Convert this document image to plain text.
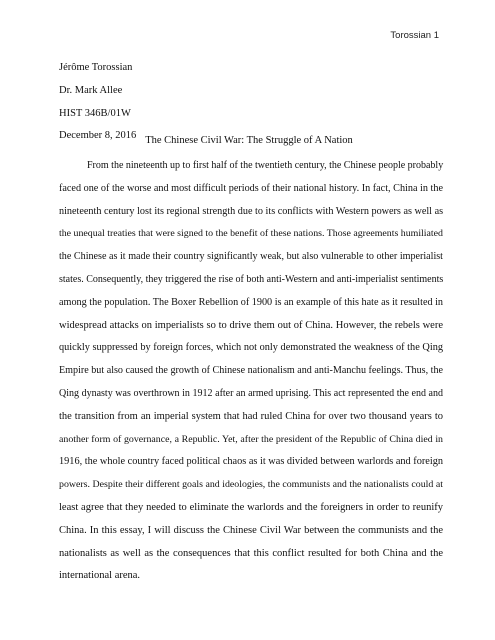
Torossian 1
Jérôme Torossian
Dr. Mark Allee
HIST 346B/01W
December 8, 2016 The Chinese Civil War: The Struggle of A Nation
From the nineteenth up to first half of the twentieth century, the Chinese people probably
faced one of the worse and most difficult periods of their national history. In fact, China in the
nineteenth century lost its regional strength due to its conflicts with Western powers as well as
the unequal treaties that were signed to the benefit of these nations. Those agreements humiliated
the Chinese as it made their country significantly weak, but also vulnerable to other imperialist
states. Consequently, they triggered the rise of both anti-Western and anti-imperialist sentiments
among the population. The Boxer Rebellion of 1900 is an example of this hate as it resulted in
widespread attacks on imperialists so to drive them out of China. However, the rebels were
quickly suppressed by foreign forces, which not only demonstrated the weakness of the Qing
Empire but also caused the growth of Chinese nationalism and anti-Manchu feelings. Thus, the
Qing dynasty was overthrown in 1912 after an armed uprising. This act represented the end and
the transition from an imperial system that had ruled China for over two thousand years to
another form of governance, a Republic. Yet, after the president of the Republic of China died in
1916, the whole country faced political chaos as it was divided between warlords and foreign
powers. Despite their different goals and ideologies, the communists and the nationalists could at
least agree that they needed to eliminate the warlords and the foreigners in order to reunify
China. In this essay, I will discuss the Chinese Civil War between the communists and the
nationalists as well as the consequences that this conflict resulted for both China and the
international arena.
